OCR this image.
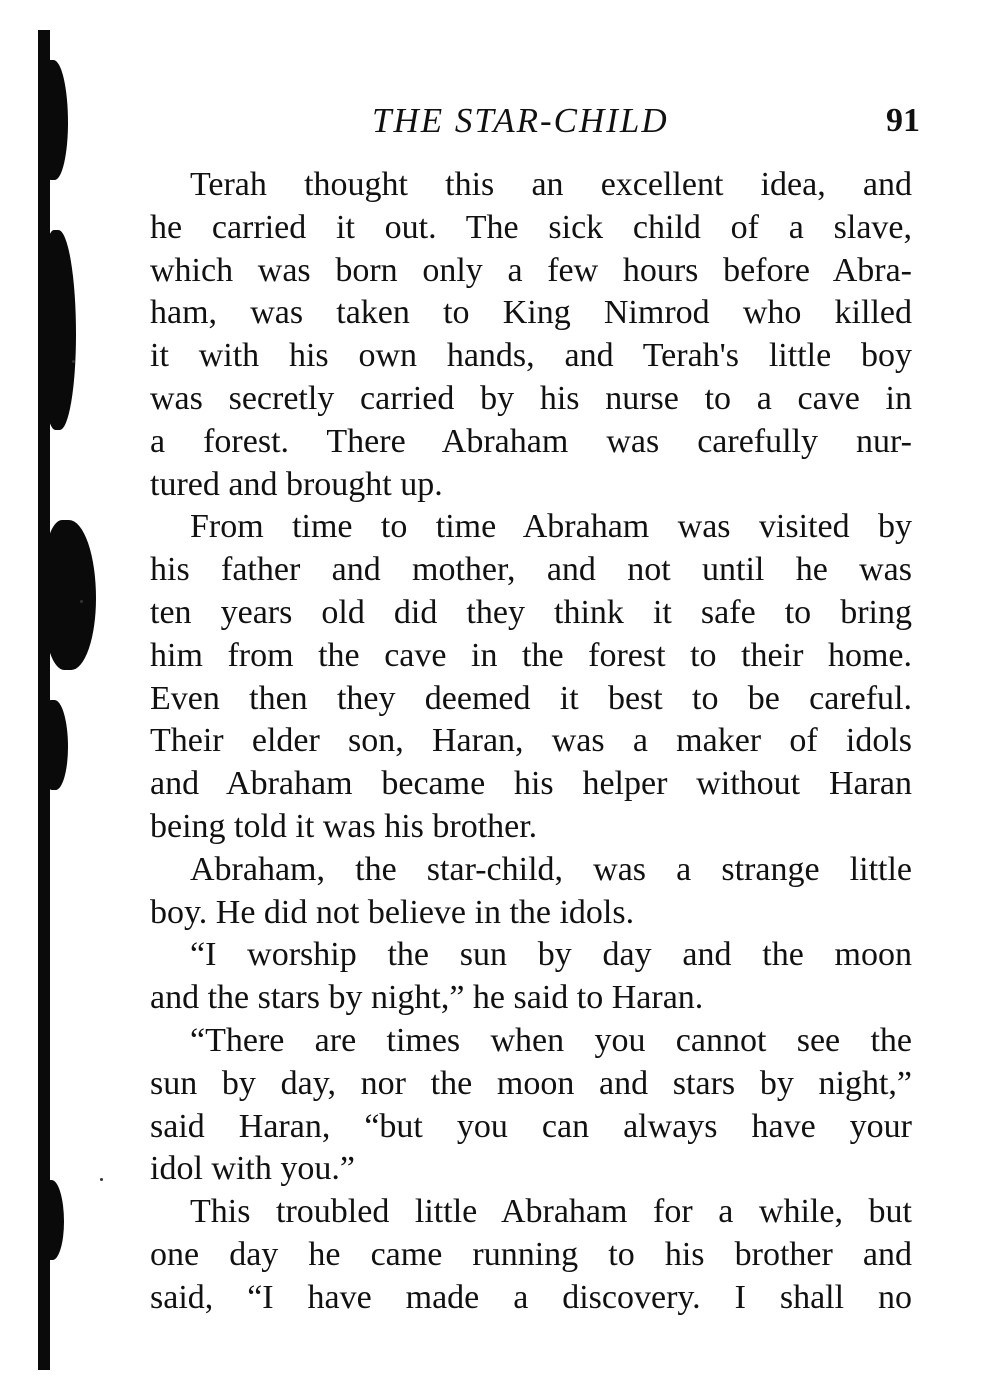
THE STAR-CHILD	91
Terah thought this an excellent idea, and
he carried it out. The sick child of a slave,
which was born only a few hours before Abra-
ham, was taken to King Nimrod who killed
it with his own hands, and Terah's little boy
was secretly carried by his nurse to a cave in
a forest. There Abraham was carefully nur-
tured and brought up.
From time to time Abraham was visited by
his father and mother, and not until he was
ten years old did they think it safe to bring
him from the cave in the forest to their home.
Even then they deemed it best to be careful.
Their elder son, Haran, was a maker of idols
and Abraham became his helper without Haran
being told it was his brother.
Abraham, the star-child, was a strange little
boy. He did not believe in the idols.
“I worship the sun by day and the moon
and the stars by night,” he said to Haran.
“There are times when you cannot see the
sun by day, nor the moon and stars by night,”
said Haran, “but you can always have your
idol with you.”
This troubled little Abraham for a while, but
one day he came running to his brother and
said, “I have made a discovery. I shall no
